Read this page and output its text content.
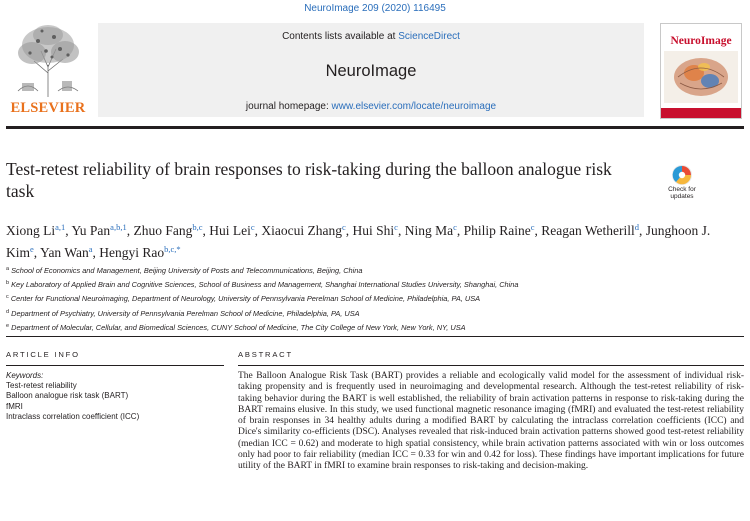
NeuroImage 209 (2020) 116495
ELSEVIER
Contents lists available at ScienceDirect
NeuroImage
journal homepage: www.elsevier.com/locate/neuroimage
NeuroImage
Test-retest reliability of brain responses to risk-taking during the balloon analogue risk task	Check for
updates
Xiong Li$^{a,1}$, Yu Pan$^{a,b,1}$, Zhuo Fang$^{b,c}$, Hui Lei$^c$, Xiaocui Zhang$^c$, Hui Shi$^c$, Ning Ma$^c$, Philip Raine$^c$, Reagan Wetherill$^d$, Junghoon J. Kim$^e$, Yan Wan$^a$, Hengyi Rao$^{b,c,*}$
$^a$ School of Economics and Management, Beijing University of Posts and Telecommunications, Beijing, China
$^b$ Key Laboratory of Applied Brain and Cognitive Sciences, School of Business and Management, Shanghai International Studies University, Shanghai, China
$^c$ Center for Functional Neuroimaging, Department of Neurology, University of Pennsylvania Perelman School of Medicine, Philadelphia, PA, USA
$^d$ Department of Psychiatry, University of Pennsylvania Perelman School of Medicine, Philadelphia, PA, USA
$^e$ Department of Molecular, Cellular, and Biomedical Sciences, CUNY School of Medicine, The City College of New York, New York, NY, USA
ARTICLE INFO	ABSTRACT
Keywords:
Test-retest reliability
Balloon analogue risk task (BART)
fMRI
Intraclass correlation coefficient (ICC)
The Balloon Analogue Risk Task (BART) provides a reliable and ecologically valid model for the assessment of individual risk-taking propensity and is frequently used in neuroimaging and developmental research. Although the test-retest reliability of risk-taking behavior during the BART is well established, the reliability of brain activation patterns in response to risk-taking during the BART remains elusive. In this study, we used functional magnetic resonance imaging (fMRI) and evaluated the test-retest reliability of brain responses in 34 healthy adults during a modified BART by calculating the intraclass correlation coefficients (ICC) and Dice's similarity co-efficients (DSC). Analyses revealed that risk-induced brain activation patterns showed good test-retest reliability (median ICC = 0.62) and moderate to high spatial consistency, while brain activation patterns associated with win or loss outcomes only had poor to fair reliability (median ICC = 0.33 for win and 0.42 for loss). These findings have important implications for future utility of the BART in fMRI to examine brain responses to risk-taking and decision-making.
